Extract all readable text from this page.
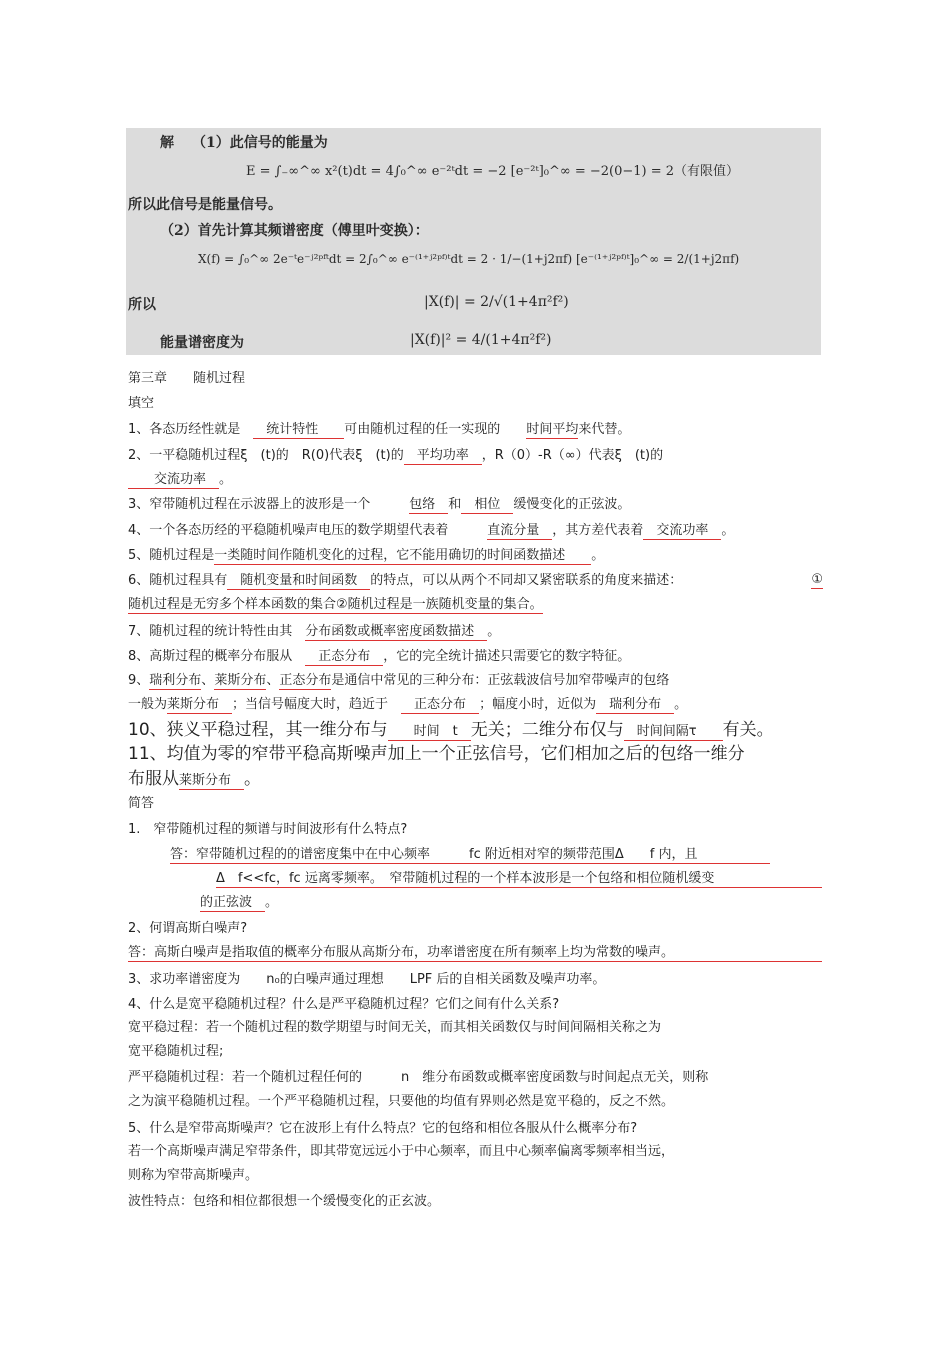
解 （1）此信号的能量为
E = ∫₋∞^∞ x²(t)dt = 4∫₀^∞ e⁻²ᵗdt = −2 [e⁻²ᵗ]₀^∞ = −2(0−1) = 2（有限值）
所以此信号是能量信号。
（2）首先计算其频谱密度（傅里叶变换）：
X(f) = ∫₀^∞ 2e⁻ᵗe⁻ʲ²ᵖᶠᵗdt = 2∫₀^∞ e⁻⁽¹⁺ʲ²ᵖᶠ⁾ᵗdt = 2 · 1/−(1+j2πf) [e⁻⁽¹⁺ʲ²ᵖᶠ⁾ᵗ]₀^∞ = 2/(1+j2πf)
所以	|X(f)| = 2/√(1+4π²f²)
能量谱密度为	|X(f)|² = 4/(1+4π²f²)
第三章　　随机过程
填空
1、各态历经性就是　　统计特性　　可由随机过程的任一实现的　　时间平均来代替。
2、一平稳随机过程ξ　(t)的　R(0)代表ξ　(t)的　平均功率　，R（0）-R（∞）代表ξ　(t)的
　　交流功率　。
3、窄带随机过程在示波器上的波形是一个　　　包络　和　相位　缓慢变化的正弦波。
4、一个各态历经的平稳随机噪声电压的数学期望代表着　　　直流分量　，其方差代表着　交流功率　。
5、随机过程是一类随时间作随机变化的过程，它不能用确切的时间函数描述　　。
6、随机过程具有　随机变量和时间函数　的特点，可以从两个不同却又紧密联系的角度来描述：	①
随机过程是无穷多个样本函数的集合②随机过程是一族随机变量的集合。
7、随机过程的统计特性由其　分布函数或概率密度函数描述　。
8、高斯过程的概率分布服从　　正态分布　，它的完全统计描述只需要它的数字特征。
9、瑞利分布、莱斯分布、正态分布是通信中常见的三种分布：正弦载波信号加窄带噪声的包络
一般为莱斯分布　；当信号幅度大时，趋近于　　正态分布　；幅度小时，近似为　瑞利分布　。
10、狭义平稳过程，其一维分布与　　时间　t　无关；二维分布仅与　时间间隔τ　　有关。
11、均值为零的窄带平稳高斯噪声加上一个正弦信号，它们相加之后的包络一维分
布服从莱斯分布　。
简答
1.　窄带随机过程的频谱与时间波形有什么特点?
答：窄带随机过程的的谱密度集中在中心频率　　　fc 附近相对窄的频带范围Δ　　f 内，且
Δ　f<<fc，fc 远离零频率。　窄带随机过程的一个样本波形是一个包络和相位随机缓变
的正弦波　。
2、何谓高斯白噪声?
答：高斯白噪声是指取值的概率分布服从高斯分布，功率谱密度在所有频率上均为常数的噪声。
3、求功率谱密度为　　n₀的白噪声通过理想　　LPF 后的自相关函数及噪声功率。
4、什么是宽平稳随机过程？什么是严平稳随机过程？它们之间有什么关系?
宽平稳过程：若一个随机过程的数学期望与时间无关，而其相关函数仅与时间间隔相关称之为
宽平稳随机过程;
严平稳随机过程：若一个随机过程任何的　　　n　维分布函数或概率密度函数与时间起点无关，则称
之为演平稳随机过程。一个严平稳随机过程，只要他的均值有界则必然是宽平稳的，反之不然。
5、什么是窄带高斯噪声？它在波形上有什么特点？它的包络和相位各服从什么概率分布?
若一个高斯噪声满足窄带条件，即其带宽远远小于中心频率，而且中心频率偏离零频率相当远，
则称为窄带高斯噪声。
波性特点：包络和相位都很想一个缓慢变化的正玄波。
